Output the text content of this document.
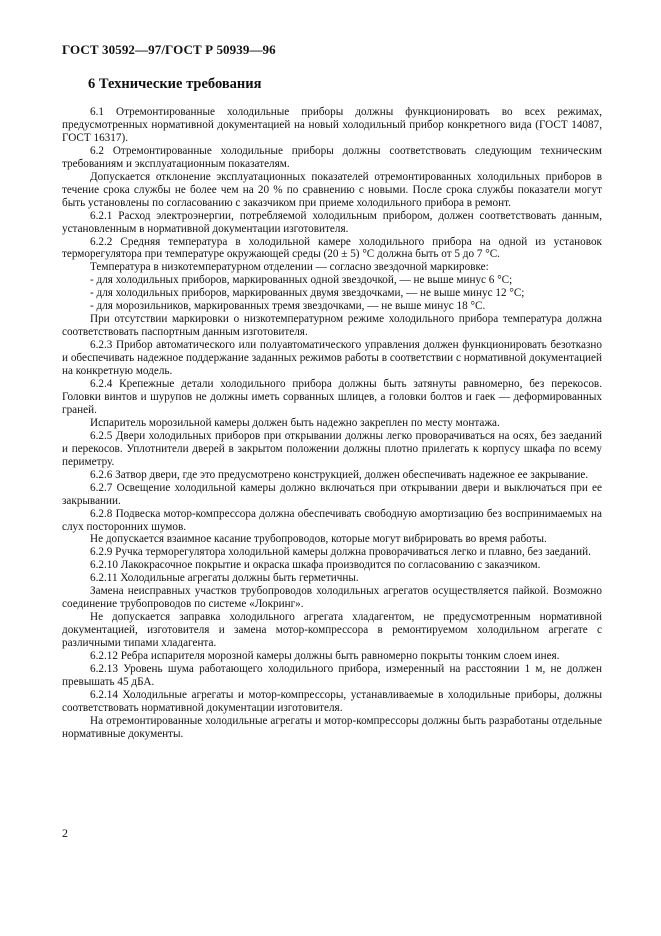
ГОСТ 30592—97/ГОСТ Р 50939—96
6 Технические требования

6.1 Отремонтированные холодильные приборы должны функционировать во всех режимах, предусмотренных нормативной документацией на новый холодильный прибор конкретного вида (ГОСТ 14087, ГОСТ 16317).

6.2 Отремонтированные холодильные приборы должны соответствовать следующим техническим требованиям и эксплуатационным показателям.

Допускается отклонение эксплуатационных показателей отремонтированных холодильных приборов в течение срока службы не более чем на 20 % по сравнению с новыми. После срока службы показатели могут быть установлены по согласованию с заказчиком при приеме холодильного прибора в ремонт.

6.2.1 Расход электроэнергии, потребляемой холодильным прибором, должен соответствовать данным, установленным в нормативной документации изготовителя.

6.2.2 Средняя температура в холодильной камере холодильного прибора на одной из установок терморегулятора при температуре окружающей среды (20 ± 5) °С должна быть от 5 до 7 °С.

Температура в низкотемпературном отделении — согласно звездочной маркировке:

- для холодильных приборов, маркированных одной звездочкой, — не выше минус 6 °С;

- для холодильных приборов, маркированных двумя звездочками, — не выше минус 12 °С;

- для морозильников, маркированных тремя звездочками, — не выше минус 18 °С.

При отсутствии маркировки о низкотемпературном режиме холодильного прибора температура должна соответствовать паспортным данным изготовителя.

6.2.3 Прибор автоматического или полуавтоматического управления должен функционировать безотказно и обеспечивать надежное поддержание заданных режимов работы в соответствии с нормативной документацией на конкретную модель.

6.2.4 Крепежные детали холодильного прибора должны быть затянуты равномерно, без перекосов. Головки винтов и шурупов не должны иметь сорванных шлицев, а головки болтов и гаек — деформированных граней.

Испаритель морозильной камеры должен быть надежно закреплен по месту монтажа.

6.2.5 Двери холодильных приборов при открывании должны легко проворачиваться на осях, без заеданий и перекосов. Уплотнители дверей в закрытом положении должны плотно прилегать к корпусу шкафа по всему периметру.

6.2.6 Затвор двери, где это предусмотрено конструкцией, должен обеспечивать надежное ее закрывание.

6.2.7 Освещение холодильной камеры должно включаться при открывании двери и выключаться при ее закрывании.

6.2.8 Подвеска мотор-компрессора должна обеспечивать свободную амортизацию без воспринимаемых на слух посторонних шумов.

Не допускается взаимное касание трубопроводов, которые могут вибрировать во время работы.

6.2.9 Ручка терморегулятора холодильной камеры должна проворачиваться легко и плавно, без заеданий.

6.2.10 Лакокрасочное покрытие и окраска шкафа производится по согласованию с заказчиком.

6.2.11 Холодильные агрегаты должны быть герметичны.

Замена неисправных участков трубопроводов холодильных агрегатов осуществляется пайкой. Возможно соединение трубопроводов по системе «Локринг».

Не допускается заправка холодильного агрегата хладагентом, не предусмотренным нормативной документацией, изготовителя и замена мотор-компрессора в ремонтируемом холодильном агрегате с различными типами хладагента.

6.2.12 Ребра испарителя морозной камеры должны быть равномерно покрыты тонким слоем инея.

6.2.13 Уровень шума работающего холодильного прибора, измеренный на расстоянии 1 м, не должен превышать 45 дБА.

6.2.14 Холодильные агрегаты и мотор-компрессоры, устанавливаемые в холодильные приборы, должны соответствовать нормативной документации изготовителя.

На отремонтированные холодильные агрегаты и мотор-компрессоры должны быть разработаны отдельные нормативные документы.

2
